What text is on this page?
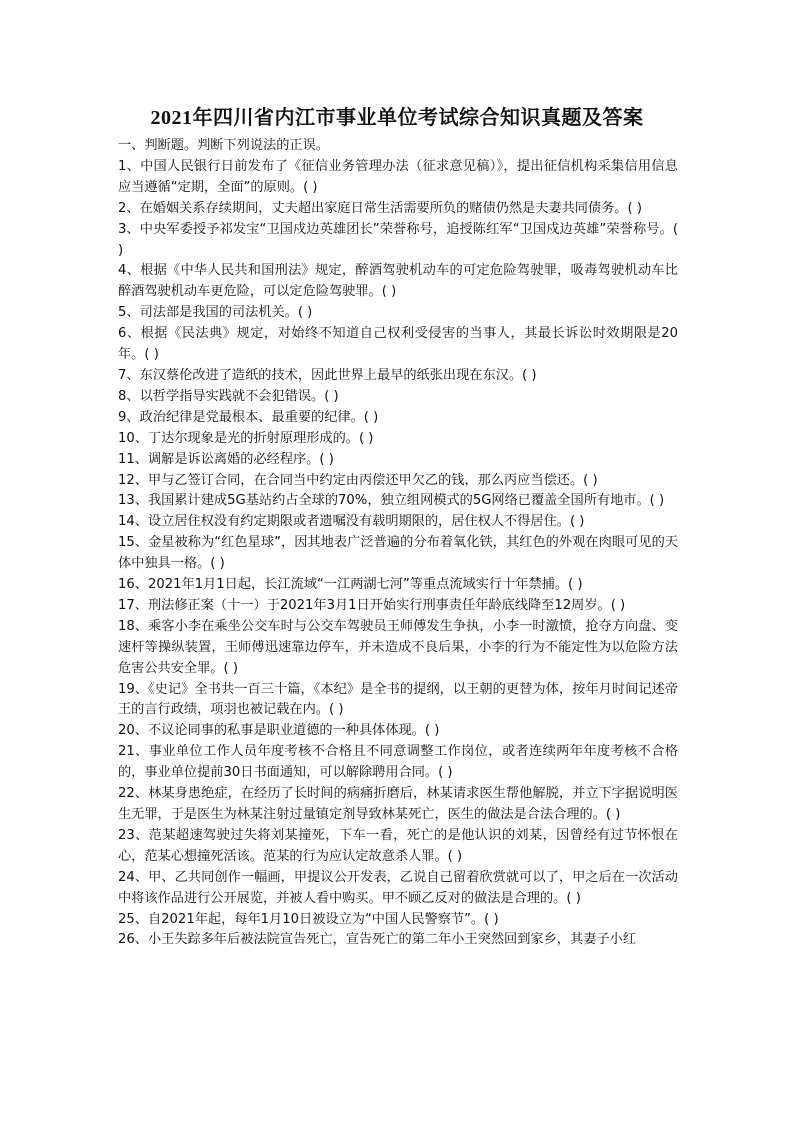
2021年四川省内江市事业单位考试综合知识真题及答案

一、判断题。判断下列说法的正误。

1、中国人民银行日前发布了《征信业务管理办法（征求意见稿）》，提出征信机构采集信用信息应当遵循“定期，全面”的原则。( )

2、在婚姻关系存续期间，丈夫超出家庭日常生活需要所负的赌债仍然是夫妻共同债务。( )

3、中央军委授予祁发宝“卫国戍边英雄团长”荣誉称号，追授陈红军“卫国戍边英雄”荣誉称号。( )

4、根据《中华人民共和国刑法》规定，醉酒驾驶机动车的可定危险驾驶罪，吸毒驾驶机动车比醉酒驾驶机动车更危险，可以定危险驾驶罪。( )

5、司法部是我国的司法机关。( )

6、根据《民法典》规定，对始终不知道自己权利受侵害的当事人，其最长诉讼时效期限是20年。( )

7、东汉蔡伦改进了造纸的技术，因此世界上最早的纸张出现在东汉。( )

8、以哲学指导实践就不会犯错误。( )

9、政治纪律是党最根本、最重要的纪律。( )

10、丁达尔现象是光的折射原理形成的。( )

11、调解是诉讼离婚的必经程序。( )

12、甲与乙签订合同，在合同当中约定由丙偿还甲欠乙的钱，那么丙应当偿还。( )

13、我国累计建成5G基站约占全球的70%，独立组网模式的5G网络已覆盖全国所有地市。( )

14、设立居住权没有约定期限或者遗嘱没有载明期限的，居住权人不得居住。( )

15、金星被称为“红色星球”，因其地表广泛普遍的分布着氧化铁，其红色的外观在肉眼可见的天体中独具一格。( )

16、2021年1月1日起，长江流域“一江两湖七河”等重点流域实行十年禁捕。( )

17、刑法修正案（十一）于2021年3月1日开始实行刑事责任年龄底线降至12周岁。( )

18、乘客小李在乘坐公交车时与公交车驾驶员王师傅发生争执，小李一时激愤，抢夺方向盘、变速杆等操纵装置，王师傅迅速靠边停车，并未造成不良后果，小李的行为不能定性为以危险方法危害公共安全罪。( )

19、《史记》全书共一百三十篇，《本纪》是全书的提纲，以王朝的更替为体，按年月时间记述帝王的言行政绩，项羽也被记载在内。( )

20、不议论同事的私事是职业道德的一种具体体现。( )

21、事业单位工作人员年度考核不合格且不同意调整工作岗位，或者连续两年年度考核不合格的，事业单位提前30日书面通知，可以解除聘用合同。( )

22、林某身患绝症，在经历了长时间的病痛折磨后，林某请求医生帮他解脱，并立下字据说明医生无罪，于是医生为林某注射过量镇定剂导致林某死亡，医生的做法是合法合理的。( )

23、范某超速驾驶过失将刘某撞死，下车一看，死亡的是他认识的刘某，因曾经有过节怀恨在心，范某心想撞死活该。范某的行为应认定故意杀人罪。( )

24、甲、乙共同创作一幅画，甲提议公开发表，乙说自己留着欣赏就可以了，甲之后在一次活动中将该作品进行公开展览，并被人看中购买。甲不顾乙反对的做法是合理的。( )

25、自2021年起，每年1月10日被设立为“中国人民警察节”。( )

26、小王失踪多年后被法院宣告死亡，宣告死亡的第二年小王突然回到家乡，其妻子小红
